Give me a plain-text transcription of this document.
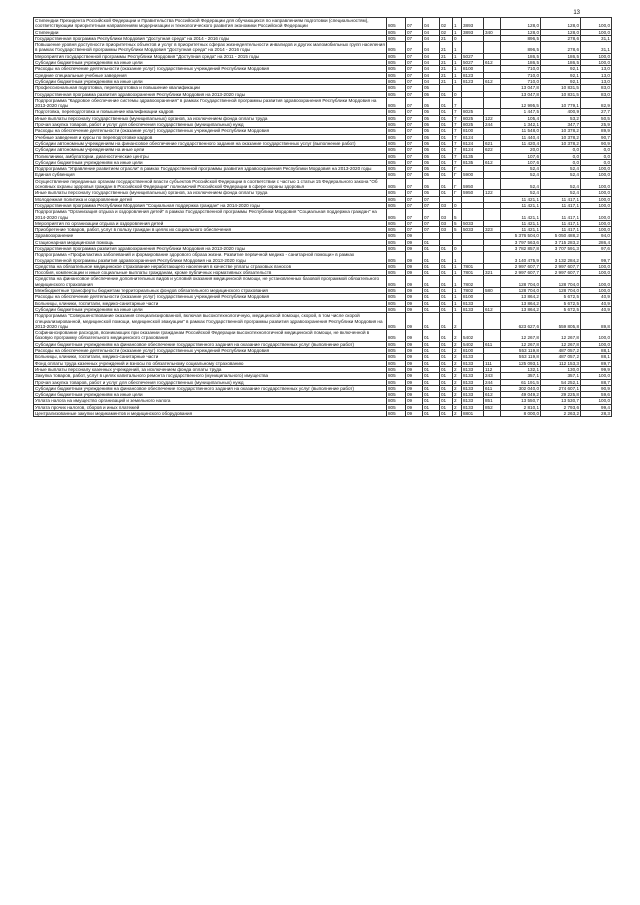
13
Стипендии Президента Российской Федерации и Правительства Российской Федерации для обучающихся по направлениям подготовки (специальностям), соответствующим приоритетным направлениям модернизации и технологического развития экономики Российской Федерации	805	07	04	02	1	3893		128,0	128,0	100,0
Стипендии	805	07	04	02	1	3893	340	128,0	128,0	100,0
Государственная программа Республики Мордовия "Доступная среда" на 2014 - 2016 годы	805	07	04	21	0			896,5	278,6	31,1
Повышение уровня доступности приоритетных объектов и услуг в приоритетных сферах жизнедеятельности инвалидов и других маломобильных групп населения в рамках Государственной программы Республики Мордовия "Доступная среда" на 2014 - 2016 годы	805	07	04	21	1			896,5	278,6	31,1
Мероприятия государственной программы Республики Мордовия "Доступная среда" на 2011 - 2015 годы	805	07	04	21	1	5027		186,5	186,5	100,0
Субсидии бюджетным учреждениям на иные цели	805	07	04	21	1	5027	612	186,5	186,5	100,0
Расходы на обеспечение деятельности (оказание услуг) государственных учреждений Республики Мордовия	805	07	04	21	1	8100		710,0	92,1	13,0
Средние специальные учебные заведения	805	07	04	21	1	8123		710,0	92,1	13,0
Субсидии бюджетным учреждениям на иные цели	805	07	04	21	1	8123	612	710,0	92,1	13,0
Профессиональная подготовка, переподготовка и повышение квалификации	805	07	05					13 047,8	10 831,5	83,0
Государственная программа развития здравоохранения Республики Мордовия на 2013-2020 годы	805	07	05	01	0			13 047,8	10 831,5	83,0
Подпрограмма "Кадровое обеспечение системы здравоохранения" в рамках Государственной программы развития здравоохранения Республики Мордовия на 2013-2020 годы	805	07	05	01	7			12 995,5	10 779,1	82,9
Подготовка, переподготовка и повышение квалификации кадров	805	07	05	01	7	8025		1 447,5	400,9	27,7
Иные выплаты персоналу государственных (муниципальных) органов, за исключением фонда оплаты труда	805	07	05	01	7	8025	122	105,4	53,2	50,5
Прочая закупка товаров, работ и услуг для обеспечения государственных (муниципальных) нужд	805	07	05	01	7	8025	244	1 342,1	347,7	25,9
Расходы на обеспечение деятельности (оказание услуг) государственных учреждений Республики Мордовия	805	07	05	01	7	8100		11 548,0	10 378,2	89,9
Учебные заведения и курсы по переподготовке кадров	805	07	05	01	7	8124		11 440,4	10 378,2	90,7
Субсидии автономным учреждениям на финансовое обеспечение государственного задания на оказание государственных услуг (выполнение работ)	805	07	05	01	7	8124	621	11 420,4	10 378,2	90,9
Субсидии автономным учреждениям на иные цели	805	07	05	01	7	8124	622	20,0	0,0	0,0
Поликлиники, амбулатории, диагностические центры	805	07	05	01	7	8135		107,6	0,0	0,0
Субсидии бюджетным учреждениям на иные цели	805	07	05	01	7	8135	612	107,6	0,0	0,0
Подпрограмма "Управление развитием отрасли" в рамках Государственной программы развития здравоохранения Республики Мордовия на 2013-2020 годы	805	07	05	01	Г			52,4	52,4	100,0
Единая субвенция	805	07	05	01	Г	5900		52,4	52,4	100,0
Осуществление переданных органам государственной власти субъектов Российской Федерации в соответствии с частью 1 статьи 15 Федерального закона "Об основных охраны здоровья граждан в Российской Федерации" полномочий Российской Федерации в сфере охраны здоровья	805	07	05	01	Г	5950		52,4	52,4	100,0
Иные выплаты персоналу государственных (муниципальных) органов, за исключением фонда оплаты труда	805	07	05	01	Г	5950	122	52,4	52,4	100,0
Молодежная политика и оздоровление детей	805	07	07					11 421,1	11 417,1	100,0
Государственная программа Республики Мордовия "Социальная поддержка граждан" на 2014-2020 годы	805	07	07	03	0			11 421,1	11 417,1	100,0
Подпрограмма "Организация отдыха и оздоровления детей" в рамках Государственной программы Республики Мордовия "Социальная поддержка граждан" на 2014-2020 годы	805	07	07	03	5			11 421,1	11 417,1	100,0
Мероприятия по организации отдыха и оздоровления детей	805	07	07	03	5	5033		11 421,1	11 417,1	100,0
Приобретение товаров, работ, услуг в пользу граждан в целях их социального обеспечения	805	07	07	03	5	5033	323	11 421,1	11 417,1	100,0
Здравоохранение	805	09						5 376 504,0	5 050 488,2	94,0
Стационарная медицинская помощь	805	09	01					3 797 563,6	3 715 283,2	286,4
Государственная программа развития здравоохранения Республики Мордовия на 2013-2020 годы	805	09	01	01	0			3 782 857,8	3 707 591,3	97,6
Подпрограмма «Профилактика заболеваний и формирование здорового образа жизни. Развитие первичной медико - санитарной помощи» в рамках Государственной программы развития здравоохранения Республики Мордовия на 2013-2020 годы	805	09	01	01	1			3 140 475,9	3 132 284,2	99,7
Средства на обязательное медицинское страхование неработающего населения в качестве уплаты страховых взносов	805	09	01	01	1	7801		2 997 607,7	2 997 607,7	100,0
Пособия, компенсации и иные социальные выплаты гражданам, кроме публичных нормативных обязательств	805	09	01	01	1	7801	321	2 997 607,7	2 997 607,7	100,0
Средства на финансовое обеспечение дополнительных видов и условий оказания медицинской помощи, не установленных базовой программой обязательного медицинского страхования	805	09	01	01	1	7802		128 704,0	128 704,0	100,0
Межбюджетные трансферты бюджетам территориальных фондов обязательного медицинского страхования	805	09	01	01	1	7802	580	128 704,0	128 704,0	100,0
Расходы на обеспечение деятельности (оказание услуг) государственных учреждений Республики Мордовия	805	09	01	01	1	8100		13 864,2	5 672,5	40,9
Больницы, клиники, госпитали, медико-санитарные части	805	09	01	01	1	8133		13 864,2	5 672,5	40,9
Субсидии бюджетным учреждениям на иные цели	805	09	01	01	1	8133	612	13 864,2	5 672,5	40,9
Подпрограмма "Совершенствование оказания специализированной, включая высокотехнологичную, медицинской помощи, скорой, в том числе скорой специализированной, медицинской помощи, медицинской эвакуации" в рамках Государственной программы развития здравоохранения Республики Мордовия на 2013-2020 годы	805	09	01	01	2			623 627,6	559 805,8	89,8
Софинансирование расходов, возникающих при оказании гражданам Российской Федерации высокотехнологичной медицинской помощи, не включенной в базовую программу обязательного медицинского страхования	805	09	01	01	2	5402		12 267,8	12 267,8	100,0
Субсидии бюджетным учреждениям на финансовое обеспечение государственного задания на оказание государственных услуг (выполнение работ)	805	09	01	01	2	5402	611	12 267,8	12 267,8	100,0
Расходы на обеспечение деятельности (оказание услуг) государственных учреждений Республики Мордовия	805	09	01	01	2	8100		553 119,8	487 057,2	88,1
Больницы, клиники, госпитали, медико-санитарные части	805	09	01	01	2	8133		553 119,8	487 057,2	88,1
Фонд оплаты труда казенных учреждений и взносы по обязательному социальному страхованию	805	09	01	01	2	8133	111	125 093,1	112 153,3	89,7
Иные выплаты персоналу казенных учреждений, за исключением фонда оплаты труда	805	09	01	01	2	8133	112	132,1	130,0	99,9
Закупка товаров, работ, услуг в целях капитального ремонта государственного (муниципального) имущества	805	09	01	01	2	8133	243	357,1	357,1	100,0
Прочая закупка товаров, работ и услуг для обеспечения государственных (муниципальных) нужд	805	09	01	01	2	8133	244	61 191,5	54 252,1	88,7
Субсидии бюджетным учреждениям на финансовое обеспечение государственного задания на оказание государственных услуг (выполнение работ)	805	09	01	01	2	8133	611	302 040,0	274 607,1	90,9
Субсидии бюджетным учреждениям на иные цели	805	09	01	01	2	8133	612	49 049,2	29 225,8	59,6
Уплата налога на имущество организаций и земельного налога	805	09	01	01	2	8133	851	13 550,7	13 530,7	100,0
Уплата прочих налогов, сборов и иных платежей	805	09	01	01	2	8133	852	2 810,1	2 793,6	99,4
Централизованные закупки медикаментов и медицинского оборудования	805	09	01	01	2	8801		8 000,0	2 263,2	28,3
